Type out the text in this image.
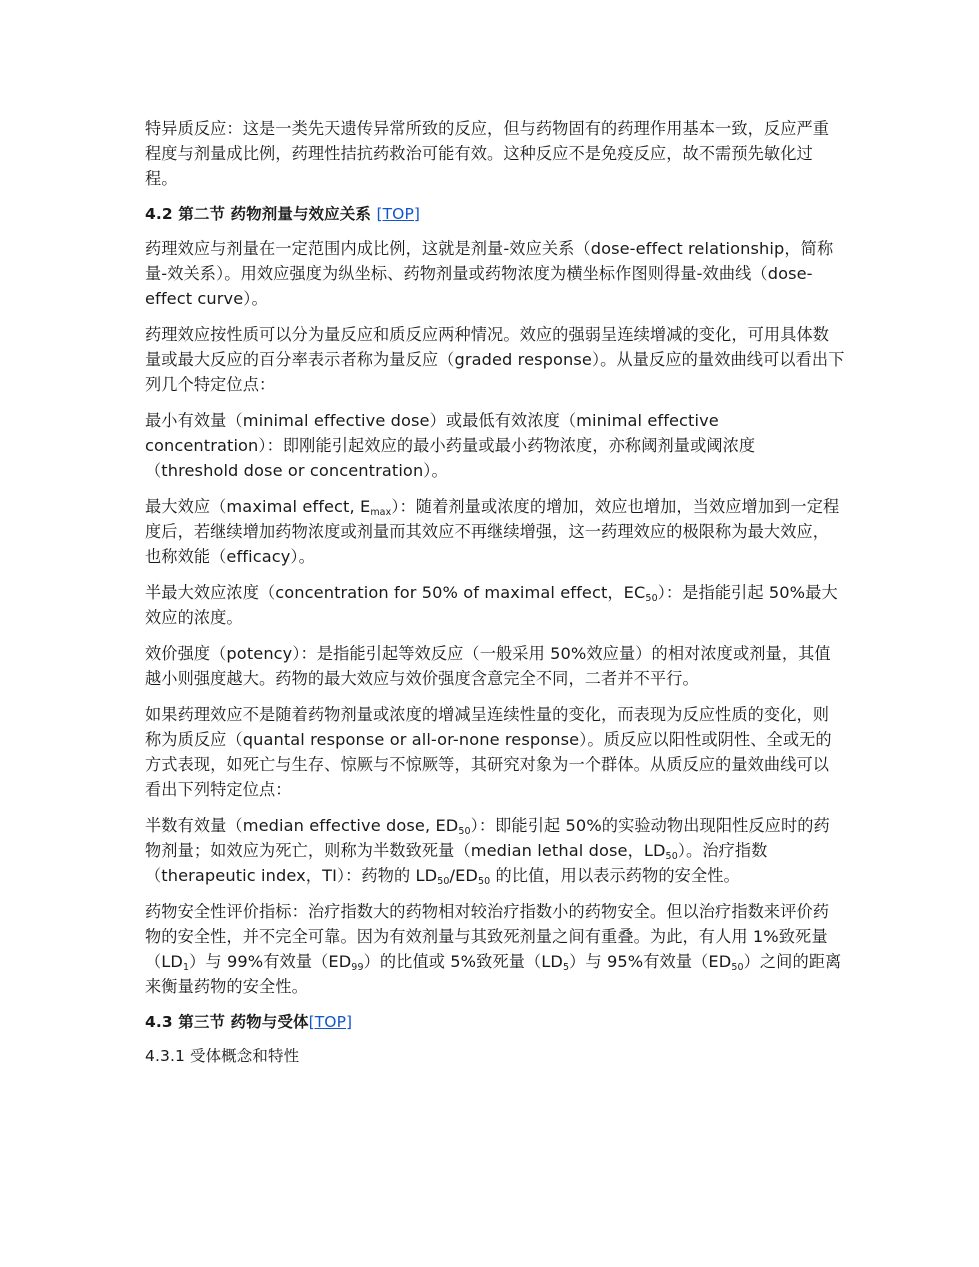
特异质反应：这是一类先天遗传异常所致的反应，但与药物固有的药理作用基本一致，反应严重程度与剂量成比例，药理性拮抗药救治可能有效。这种反应不是免疫反应，故不需预先敏化过程。

4.2 第二节 药物剂量与效应关系 [TOP]

药理效应与剂量在一定范围内成比例，这就是剂量-效应关系（dose-effect relationship，简称量-效关系）。用效应强度为纵坐标、药物剂量或药物浓度为横坐标作图则得量-效曲线（dose-effect curve）。

药理效应按性质可以分为量反应和质反应两种情况。效应的强弱呈连续增减的变化，可用具体数量或最大反应的百分率表示者称为量反应（graded response）。从量反应的量效曲线可以看出下列几个特定位点：

最小有效量（minimal effective dose）或最低有效浓度（minimal effective concentration）：即刚能引起效应的最小药量或最小药物浓度，亦称阈剂量或阈浓度（threshold dose or concentration）。

最大效应（maximal effect, $E_{max}$）：随着剂量或浓度的增加，效应也增加，当效应增加到一定程度后，若继续增加药物浓度或剂量而其效应不再继续增强，这一药理效应的极限称为最大效应，也称效能（efficacy）。

半最大效应浓度（concentration for 50% of maximal effect，$EC_{50}$）：是指能引起 50%最大效应的浓度。

效价强度（potency）：是指能引起等效反应（一般采用 50%效应量）的相对浓度或剂量，其值越小则强度越大。药物的最大效应与效价强度含意完全不同，二者并不平行。

如果药理效应不是随着药物剂量或浓度的增减呈连续性量的变化，而表现为反应性质的变化，则称为质反应（quantal response or all-or-none response）。质反应以阳性或阴性、全或无的方式表现，如死亡与生存、惊厥与不惊厥等，其研究对象为一个群体。从质反应的量效曲线可以看出下列特定位点：

半数有效量（median effective dose, $ED_{50}$）：即能引起 50%的实验动物出现阳性反应时的药物剂量；如效应为死亡，则称为半数致死量（median lethal dose，$LD_{50}$）。治疗指数（therapeutic index，TI）：药物的 $LD_{50}/ED_{50}$ 的比值，用以表示药物的安全性。

药物安全性评价指标：治疗指数大的药物相对较治疗指数小的药物安全。但以治疗指数来评价药物的安全性，并不完全可靠。因为有效剂量与其致死剂量之间有重叠。为此，有人用 1%致死量$(LD_1)$与 99%有效量$(ED_{99})$的比值或 5%致死量$(LD_5)$与 95%有效量$(ED_{50})$之间的距离来衡量药物的安全性。

4.3 第三节 药物与受体[TOP]

4.3.1 受体概念和特性
